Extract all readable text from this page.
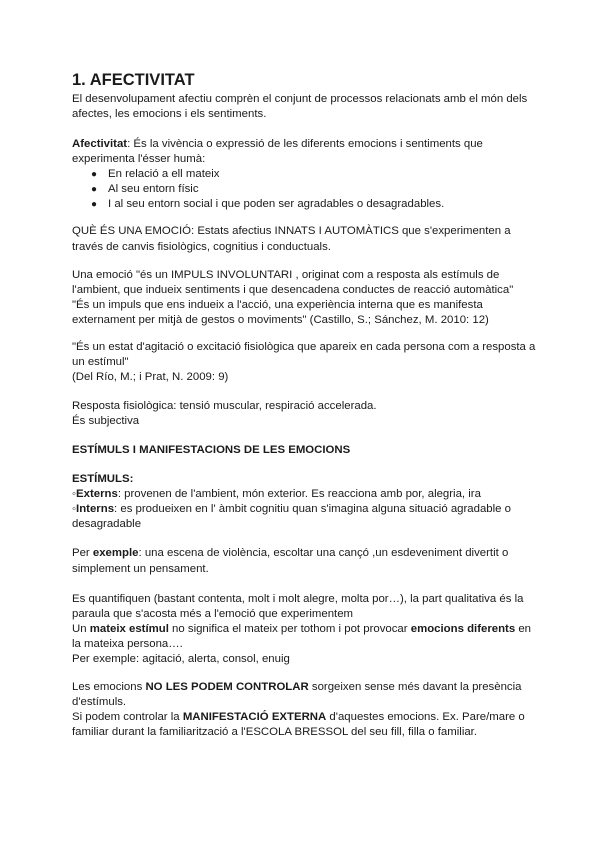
1. AFECTIVITAT
El desenvolupament afectiu comprèn el conjunt de processos relacionats amb el món dels
afectes, les emocions i els sentiments.
Afectivitat: És la vivència o expressió de les diferents emocions i sentiments que
experimenta l'ésser humà:
● En relació a ell mateix
● Al seu entorn físic
● I al seu entorn social i que poden ser agradables o desagradables.
QUÈ ÉS UNA EMOCIÓ: Estats afectius INNATS I AUTOMÀTICS que s'experimenten a
través de canvis fisiològics, cognitius i conductuals.
Una emoció "és un IMPULS INVOLUNTARI , originat com a resposta als estímuls de
l'ambient, que indueix sentiments i que desencadena conductes de reacció automàtica"
"És un impuls que ens indueix a l'acció, una experiència interna que es manifesta
externament per mitjà de gestos o moviments" (Castillo, S.; Sánchez, M. 2010: 12)
"És un estat d'agitació o excitació fisiològica que apareix en cada persona com a resposta a
un estímul"
(Del Río, M.; i Prat, N. 2009: 9)
Resposta fisiològica: tensió muscular, respiració accelerada.
És subjectiva
ESTÍMULS I MANIFESTACIONS DE LES EMOCIONS
ESTÍMULS:
◦Externs: provenen de l'ambient, món exterior. Es reacciona amb por, alegria, ira
◦Interns: es produeixen en l' àmbit cognitiu quan s'imagina alguna situació agradable o
desagradable
Per exemple: una escena de violència, escoltar una cançó ,un esdeveniment divertit o
simplement un pensament.
Es quantifiquen (bastant contenta, molt i molt alegre, molta por…), la part qualitativa és la
paraula que s'acosta més a l'emoció que experimentem
Un mateix estímul no significa el mateix per tothom i pot provocar emocions diferents en
la mateixa persona….
Per exemple: agitació, alerta, consol, enuig
Les emocions NO LES PODEM CONTROLAR sorgeixen sense més davant la presència
d'estímuls.
Si podem controlar la MANIFESTACIÓ EXTERNA d'aquestes emocions. Ex. Pare/mare o
familiar durant la familiarització a l'ESCOLA BRESSOL del seu fill, filla o familiar.
